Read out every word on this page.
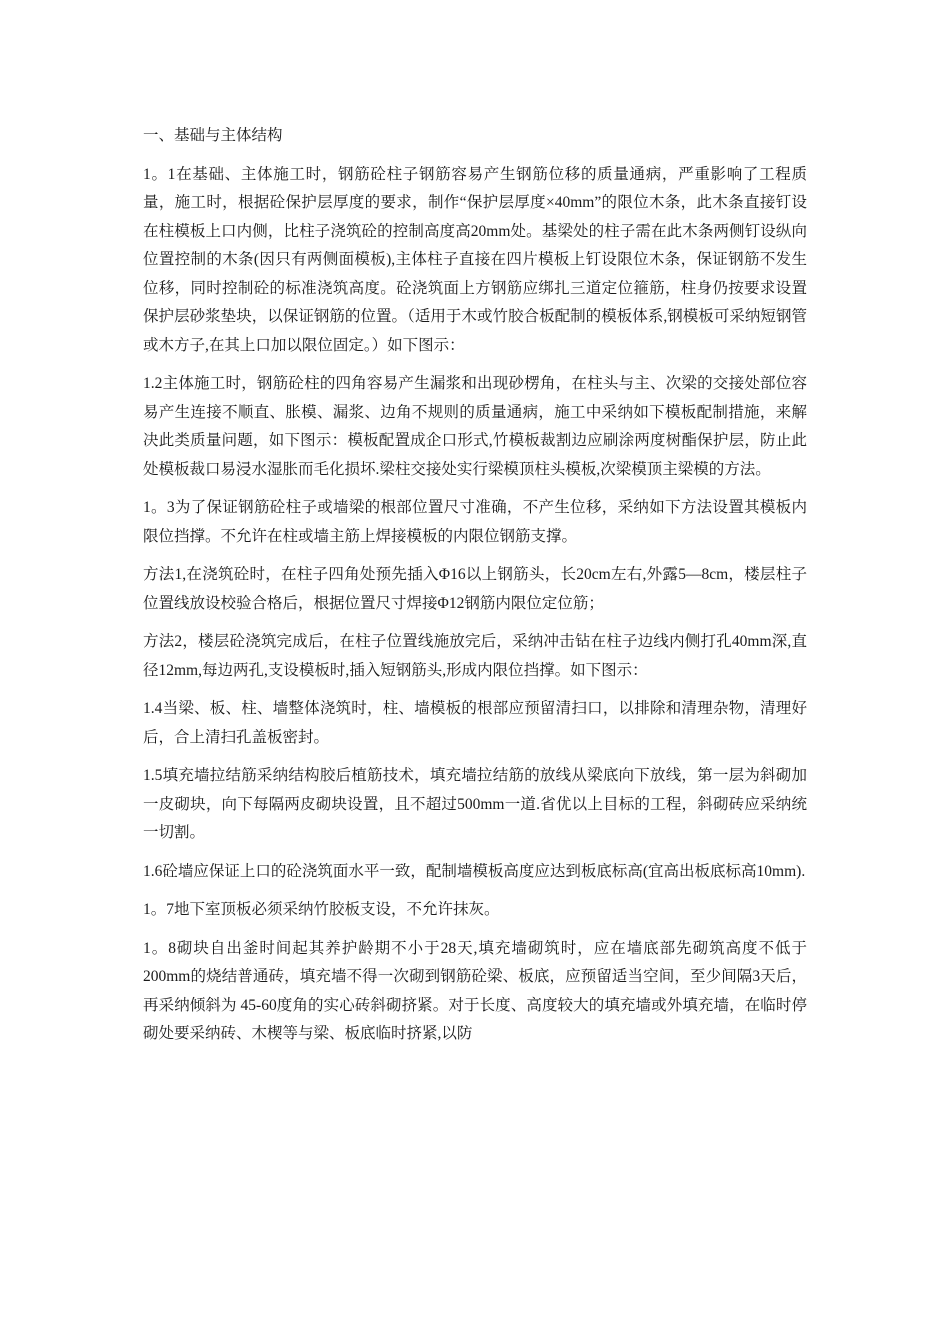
一、基础与主体结构

1。1在基础、主体施工时，钢筋砼柱子钢筋容易产生钢筋位移的质量通病，严重影响了工程质量，施工时，根据砼保护层厚度的要求，制作“保护层厚度×40mm”的限位木条，此木条直接钉设在柱模板上口内侧，比柱子浇筑砼的控制高度高20mm处。基梁处的柱子需在此木条两侧钉设纵向位置控制的木条(因只有两侧面模板),主体柱子直接在四片模板上钉设限位木条，保证钢筋不发生位移，同时控制砼的标准浇筑高度。砼浇筑面上方钢筋应绑扎三道定位箍筋，柱身仍按要求设置保护层砂浆垫块，以保证钢筋的位置。（适用于木或竹胶合板配制的模板体系,钢模板可采纳短钢管或木方子,在其上口加以限位固定。）如下图示：

1.2主体施工时，钢筋砼柱的四角容易产生漏浆和出现砂楞角，在柱头与主、次梁的交接处部位容易产生连接不顺直、胀模、漏浆、边角不规则的质量通病，施工中采纳如下模板配制措施，来解决此类质量问题，如下图示：模板配置成企口形式,竹模板裁割边应刷涂两度树酯保护层，防止此处模板裁口易浸水湿胀而毛化损坏.梁柱交接处实行梁模顶柱头模板,次梁模顶主梁模的方法。

1。3为了保证钢筋砼柱子或墙梁的根部位置尺寸准确，不产生位移，采纳如下方法设置其模板内限位挡撑。不允许在柱或墙主筋上焊接模板的内限位钢筋支撑。

方法1,在浇筑砼时，在柱子四角处预先插入Φ16以上钢筋头，长20cm左右,外露5—8cm，楼层柱子位置线放设校验合格后，根据位置尺寸焊接Φ12钢筋内限位定位筋；

方法2，楼层砼浇筑完成后，在柱子位置线施放完后，采纳冲击钻在柱子边线内侧打孔40mm深,直径12mm,每边两孔,支设模板时,插入短钢筋头,形成内限位挡撑。如下图示：

1.4当梁、板、柱、墙整体浇筑时，柱、墙模板的根部应预留清扫口，以排除和清理杂物，清理好后，合上清扫孔盖板密封。

1.5填充墙拉结筋采纳结构胶后植筋技术，填充墙拉结筋的放线从梁底向下放线，第一层为斜砌加一皮砌块，向下每隔两皮砌块设置，且不超过500mm一道.省优以上目标的工程，斜砌砖应采纳统一切割。

1.6砼墙应保证上口的砼浇筑面水平一致，配制墙模板高度应达到板底标高(宜高出板底标高10mm).

1。7地下室顶板必须采纳竹胶板支设，不允许抹灰。

1。8砌块自出釜时间起其养护龄期不小于28天,填充墙砌筑时，应在墙底部先砌筑高度不低于200mm的烧结普通砖，填充墙不得一次砌到钢筋砼梁、板底，应预留适当空间，至少间隔3天后，再采纳倾斜为 45-60度角的实心砖斜砌挤紧。对于长度、高度较大的填充墙或外填充墙，在临时停砌处要采纳砖、木楔等与梁、板底临时挤紧,以防
